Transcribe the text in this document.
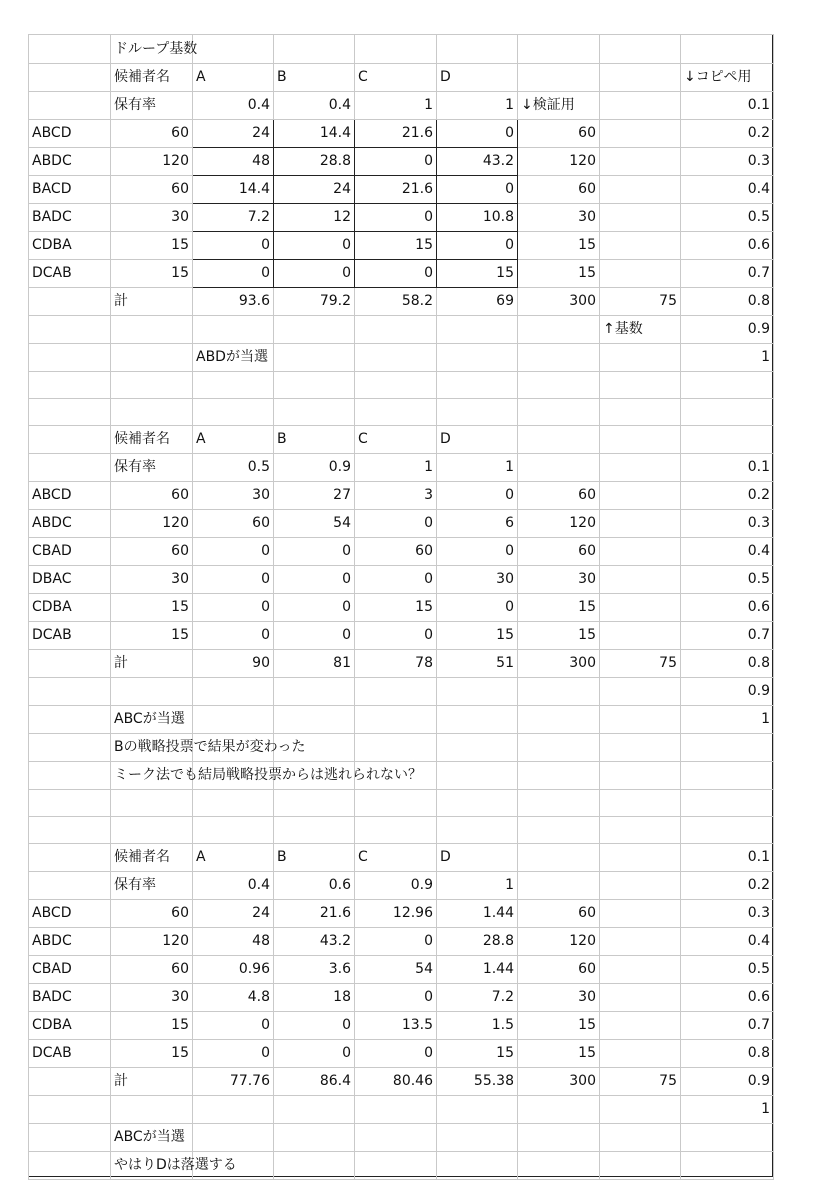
	ドループ基数							
	候補者名	A	B	C	D			↓コピペ用
	保有率	0.4	0.4	1	1	↓検証用		0.1
ABCD	60	24	14.4	21.6	0	60		0.2
ABDC	120	48	28.8	0	43.2	120		0.3
BACD	60	14.4	24	21.6	0	60		0.4
BADC	30	7.2	12	0	10.8	30		0.5
CDBA	15	0	0	15	0	15		0.6
DCAB	15	0	0	0	15	15		0.7
	計	93.6	79.2	58.2	69	300	75	0.8
							↑基数	0.9
		ABDが当選						1

	候補者名	A	B	C	D			
	保有率	0.5	0.9	1	1			0.1
ABCD	60	30	27	3	0	60		0.2
ABDC	120	60	54	0	6	120		0.3
CBAD	60	0	0	60	0	60		0.4
DBAC	30	0	0	0	30	30		0.5
CDBA	15	0	0	15	0	15		0.6
DCAB	15	0	0	0	15	15		0.7
	計	90	81	78	51	300	75	0.8
								0.9
	ABCが当選							1
	Bの戦略投票で結果が変わった							
	ミーク法でも結局戦略投票からは逃れられない？							

	候補者名	A	B	C	D			0.1
	保有率	0.4	0.6	0.9	1			0.2
ABCD	60	24	21.6	12.96	1.44	60		0.3
ABDC	120	48	43.2	0	28.8	120		0.4
CBAD	60	0.96	3.6	54	1.44	60		0.5
BADC	30	4.8	18	0	7.2	30		0.6
CDBA	15	0	0	13.5	1.5	15		0.7
DCAB	15	0	0	0	15	15		0.8
	計	77.76	86.4	80.46	55.38	300	75	0.9
								1
	ABCが当選							
	やはりDは落選する							
